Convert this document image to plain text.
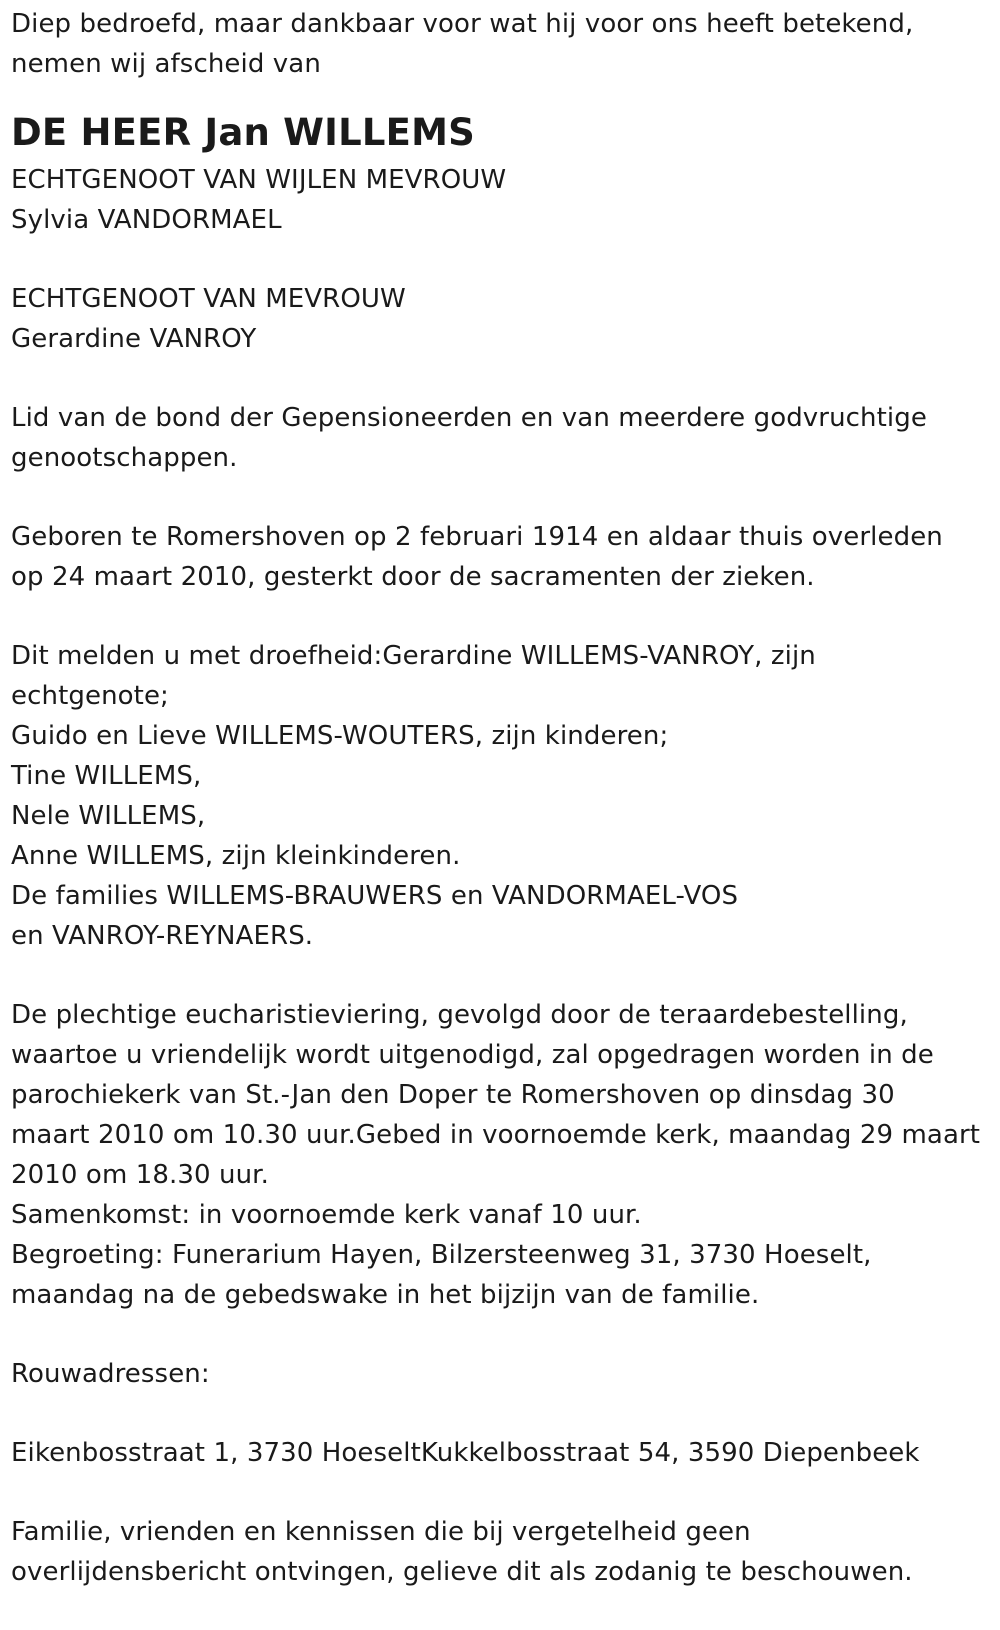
Diep bedroefd, maar dankbaar voor wat hij voor ons heeft betekend,

nemen wij afscheid van

DE HEER Jan WILLEMS

ECHTGENOOT VAN WIJLEN MEVROUW

Sylvia VANDORMAEL

ECHTGENOOT VAN MEVROUW

Gerardine VANROY

Lid van de bond der Gepensioneerden en van meerdere godvruchtige

genootschappen.

Geboren te Romershoven op 2 februari 1914 en aldaar thuis overleden

op 24 maart 2010, gesterkt door de sacramenten der zieken.

Dit melden u met droefheid:Gerardine WILLEMS-VANROY, zijn

echtgenote;

Guido en Lieve WILLEMS-WOUTERS, zijn kinderen;

Tine WILLEMS,

Nele WILLEMS,

Anne WILLEMS, zijn kleinkinderen.

De families WILLEMS-BRAUWERS en VANDORMAEL-VOS

en VANROY-REYNAERS.

De plechtige eucharistieviering, gevolgd door de teraardebestelling,

waartoe u vriendelijk wordt uitgenodigd, zal opgedragen worden in de

parochiekerk van St.-Jan den Doper te Romershoven op dinsdag 30

maart 2010 om 10.30 uur.Gebed in voornoemde kerk, maandag 29 maart

2010 om 18.30 uur.

Samenkomst: in voornoemde kerk vanaf 10 uur.

Begroeting: Funerarium Hayen, Bilzersteenweg 31, 3730 Hoeselt,

maandag na de gebedswake in het bijzijn van de familie.

Rouwadressen:

Eikenbosstraat 1, 3730 HoeseltKukkelbosstraat 54, 3590 Diepenbeek

Familie, vrienden en kennissen die bij vergetelheid geen

overlijdensbericht ontvingen, gelieve dit als zodanig te beschouwen.
